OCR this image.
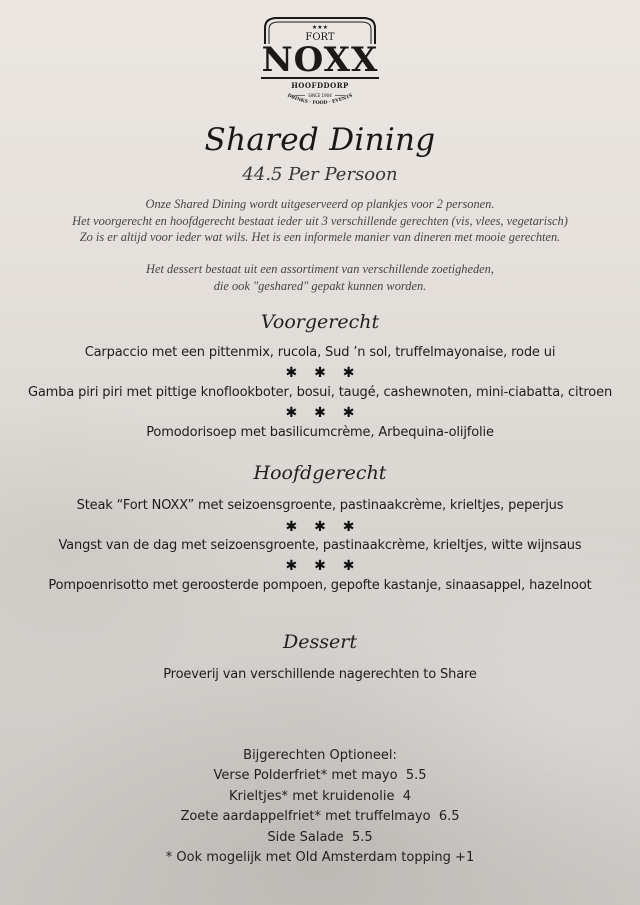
★★★
FORT
NOXX
HOOFDDORP
SINCE 1904
DRINKS · FOOD · EVENTS
Shared Dining
44.5 Per Persoon
Onze Shared Dining wordt uitgeserveerd op plankjes voor 2 personen.
Het voorgerecht en hoofdgerecht bestaat ieder uit 3 verschillende gerechten (vis, vlees, vegetarisch)
Zo is er altijd voor ieder wat wils. Het is een informele manier van dineren met mooie gerechten.
Het dessert bestaat uit een assortiment van verschillende zoetigheden,
die ook "geshared" gepakt kunnen worden.
Voorgerecht
Carpaccio met een pittenmix, rucola, Sud ’n sol, truffelmayonaise, rode ui
✱ ✱ ✱
Gamba piri piri met pittige knoflookboter, bosui, taugé, cashewnoten, mini-ciabatta, citroen
✱ ✱ ✱
Pomodorisoep met basilicumcrème, Arbequina-olijfolie
Hoofdgerecht
Steak “Fort NOXX” met seizoensgroente, pastinaakcrème, krieltjes, peperjus
✱ ✱ ✱
Vangst van de dag met seizoensgroente, pastinaakcrème, krieltjes, witte wijnsaus
✱ ✱ ✱
Pompoenrisotto met geroosterde pompoen, gepofte kastanje, sinaasappel, hazelnoot
Dessert
Proeverij van verschillende nagerechten to Share
Bijgerechten Optioneel:
Verse Polderfriet* met mayo 5.5
Krieltjes* met kruidenolie 4
Zoete aardappelfriet* met truffelmayo 6.5
Side Salade 5.5
* Ook mogelijk met Old Amsterdam topping +1
